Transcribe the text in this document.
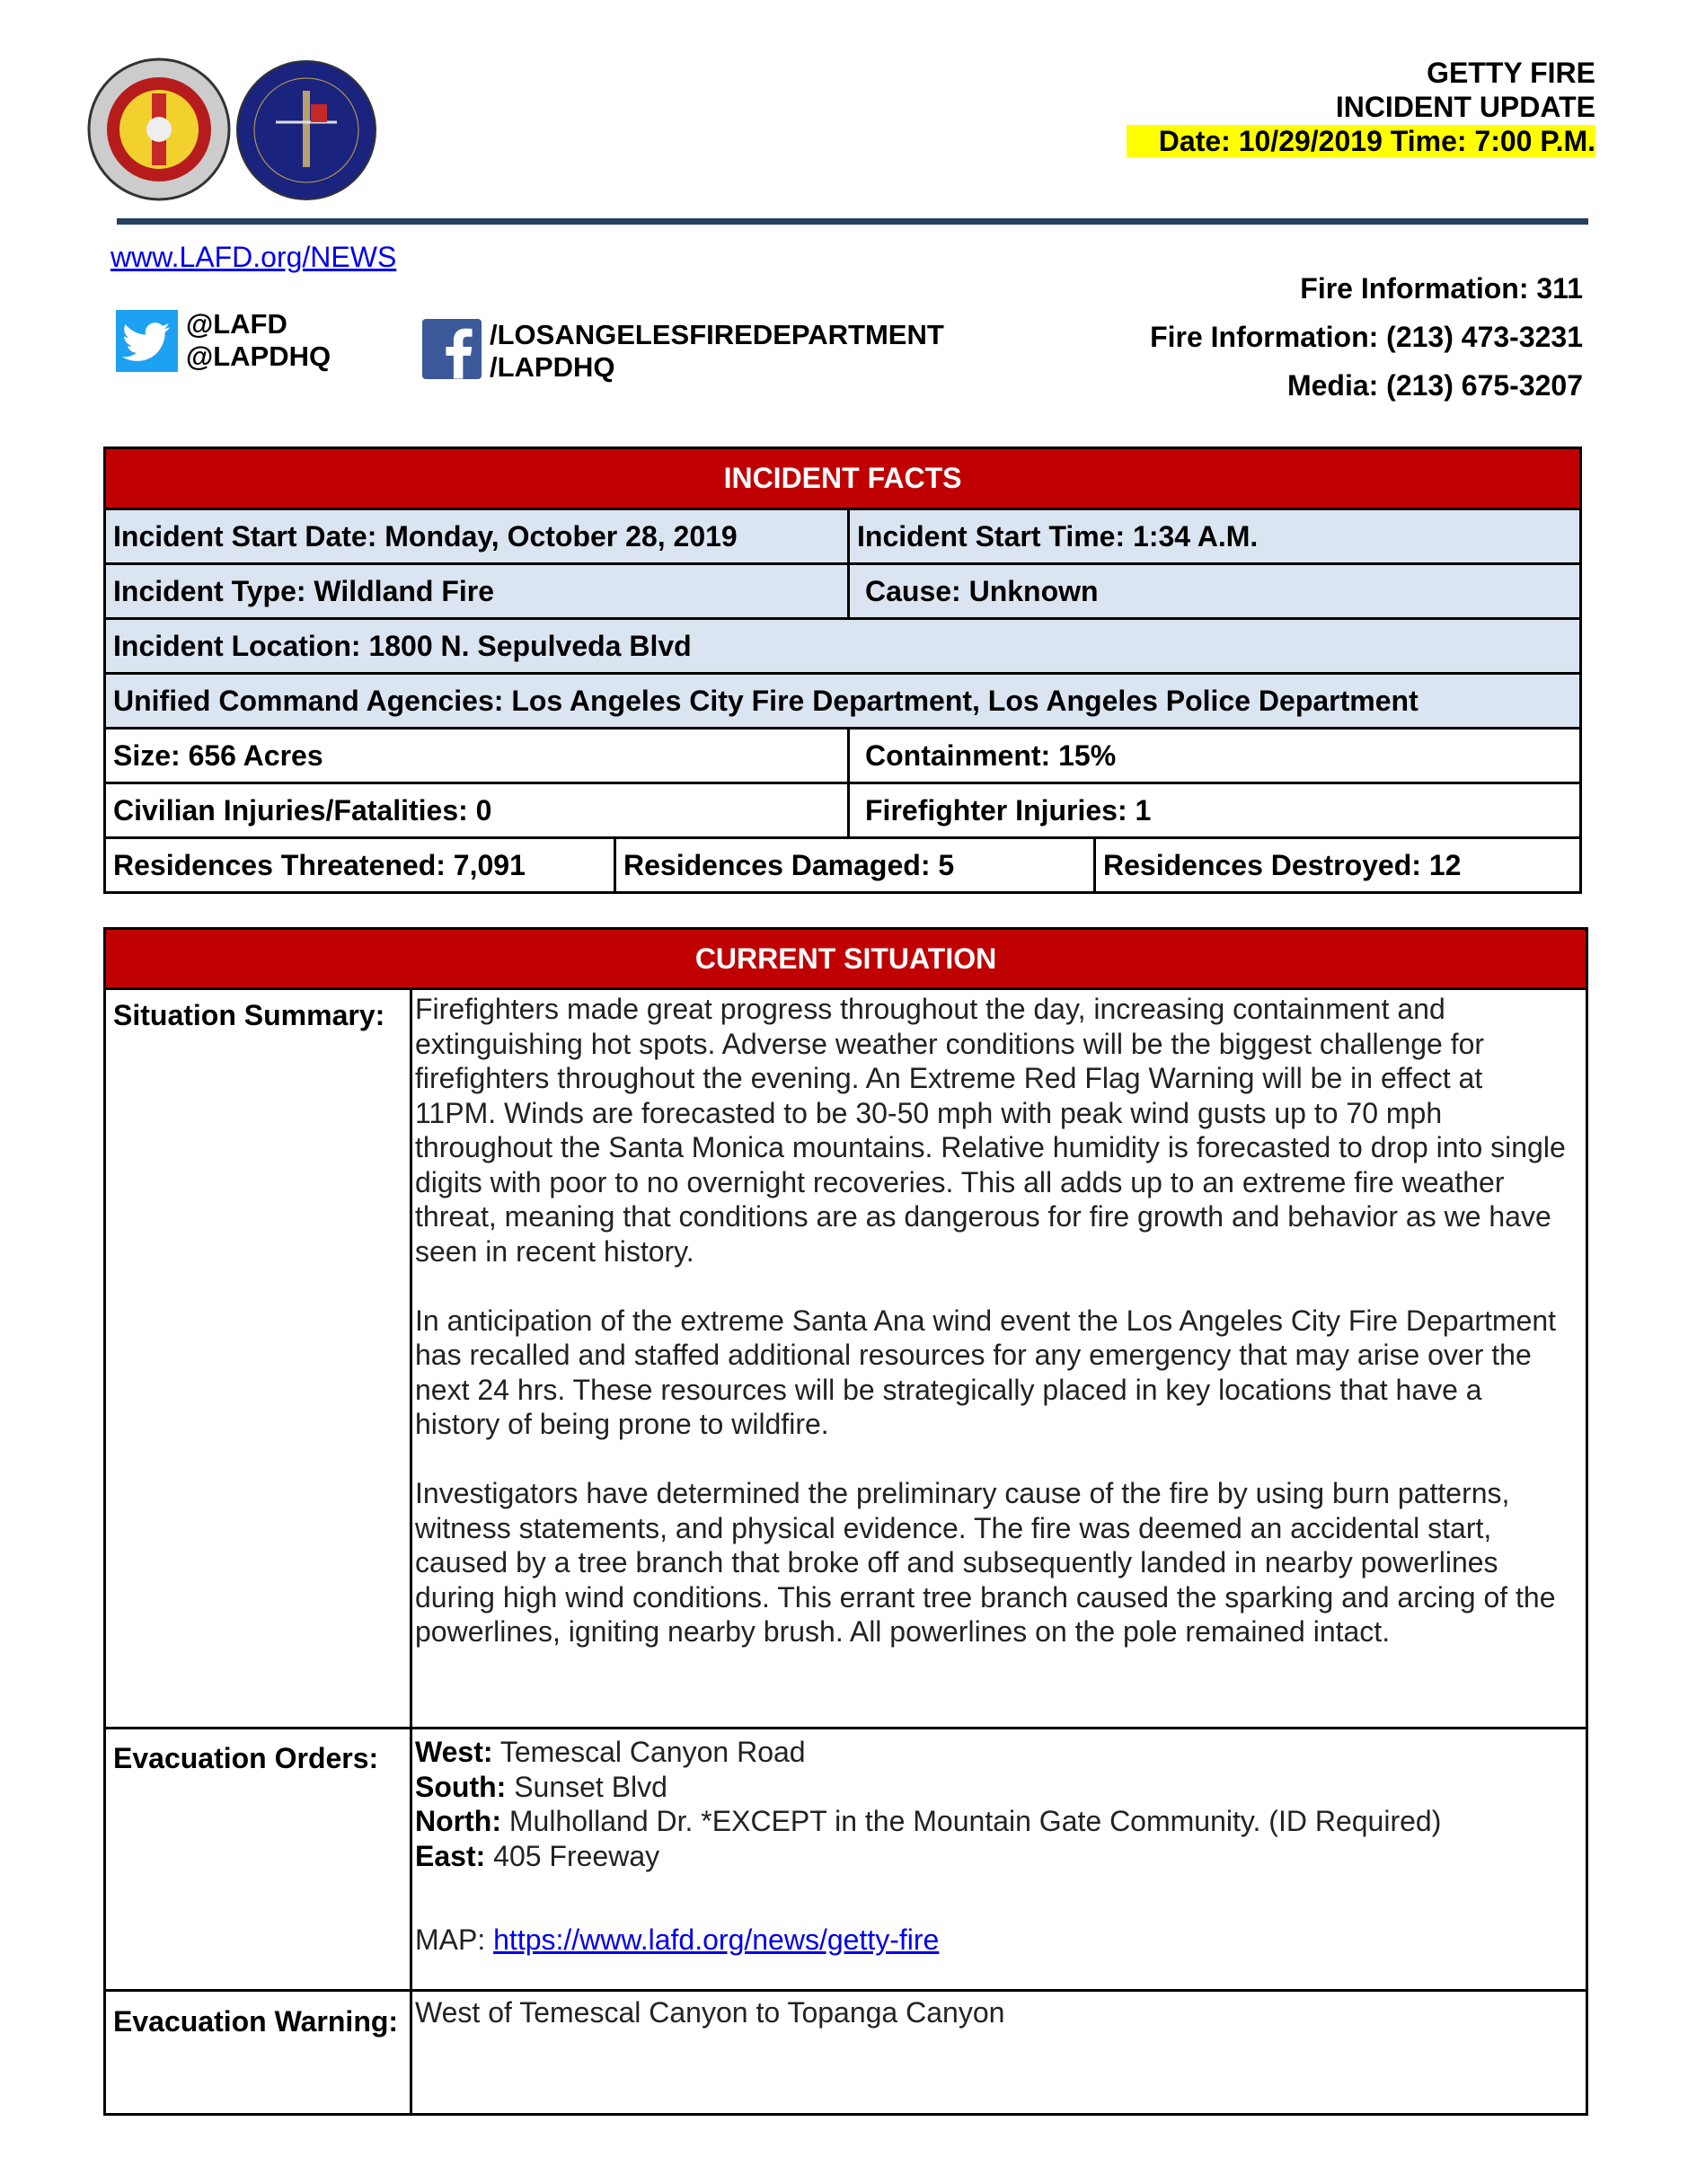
GETTY FIRE
INCIDENT UPDATE
Date: 10/29/2019 Time: 7:00 P.M.
www.LAFD.org/NEWS
@LAFD
@LAPDHQ
/LOSANGELESFIREDEPARTMENT
/LAPDHQ
Fire Information: 311
Fire Information: (213) 473-3231
Media: (213) 675-3207
INCIDENT FACTS			
Incident Start Date: Monday, October 28, 2019		Incident Start Time: 1:34 A.M.	
Incident Type: Wildland Fire		Cause: Unknown	
Incident Location: 1800 N. Sepulveda Blvd			
Unified Command Agencies: Los Angeles City Fire Department, Los Angeles Police Department			
Size: 656 Acres		Containment: 15%	
Civilian Injuries/Fatalities: 0		Firefighter Injuries: 1	
Residences Threatened: 7,091	Residences Damaged: 5		Residences Destroyed: 12
CURRENT SITUATION	
Situation Summary:	Firefighters made great progress throughout the day, increasing containment and extinguishing hot spots. Adverse weather conditions will be the biggest challenge for firefighters throughout the evening. An Extreme Red Flag Warning will be in effect at 11PM. Winds are forecasted to be 30-50 mph with peak wind gusts up to 70 mph throughout the Santa Monica mountains. Relative humidity is forecasted to drop into single digits with poor to no overnight recoveries. This all adds up to an extreme fire weather threat, meaning that conditions are as dangerous for fire growth and behavior as we have seen in recent history.

In anticipation of the extreme Santa Ana wind event the Los Angeles City Fire Department has recalled and staffed additional resources for any emergency that may arise over the next 24 hrs. These resources will be strategically placed in key locations that have a history of being prone to wildfire.

Investigators have determined the preliminary cause of the fire by using burn patterns, witness statements, and physical evidence. The fire was deemed an accidental start, caused by a tree branch that broke off and subsequently landed in nearby powerlines during high wind conditions. This errant tree branch caused the sparking and arcing of the powerlines, igniting nearby brush. All powerlines on the pole remained intact.

Evacuation Orders:	West: Temescal Canyon Road
South: Sunset Blvd
North: Mulholland Dr. *EXCEPT in the Mountain Gate Community. (ID Required)
East: 405 Freeway
MAP: https://www.lafd.org/news/getty-fire

Evacuation Warning:	West of Temescal Canyon to Topanga Canyon
